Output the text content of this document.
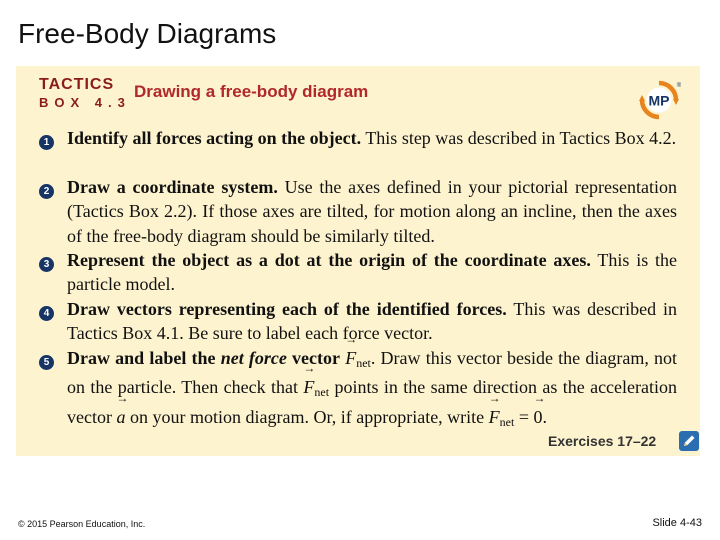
Free-Body Diagrams
TACTICS
BOX 4.3
Drawing a free-body diagram	MP
®
1 Identify all forces acting on the object. This step was described in Tactics Box 4.2.
2 Draw a coordinate system. Use the axes defined in your pictorial representation (Tactics Box 2.2). If those axes are tilted, for motion along an incline, then the axes of the free-body diagram should be similarly tilted.
3 Represent the object as a dot at the origin of the coordinate axes. This is the particle model.
4 Draw vectors representing each of the identified forces. This was described in Tactics Box 4.1. Be sure to label each force vector.
5 Draw and label the net force vector → $F_{net}$. Draw this vector beside the diagram, not on the particle. Then check that → $F_{net}$ points in the same direction as the acceleration vector → a on your motion diagram. Or, if appropriate, write → $F_{net}$ = → 0.
Exercises 17–22
© 2015 Pearson Education, Inc.	Slide 4-43
